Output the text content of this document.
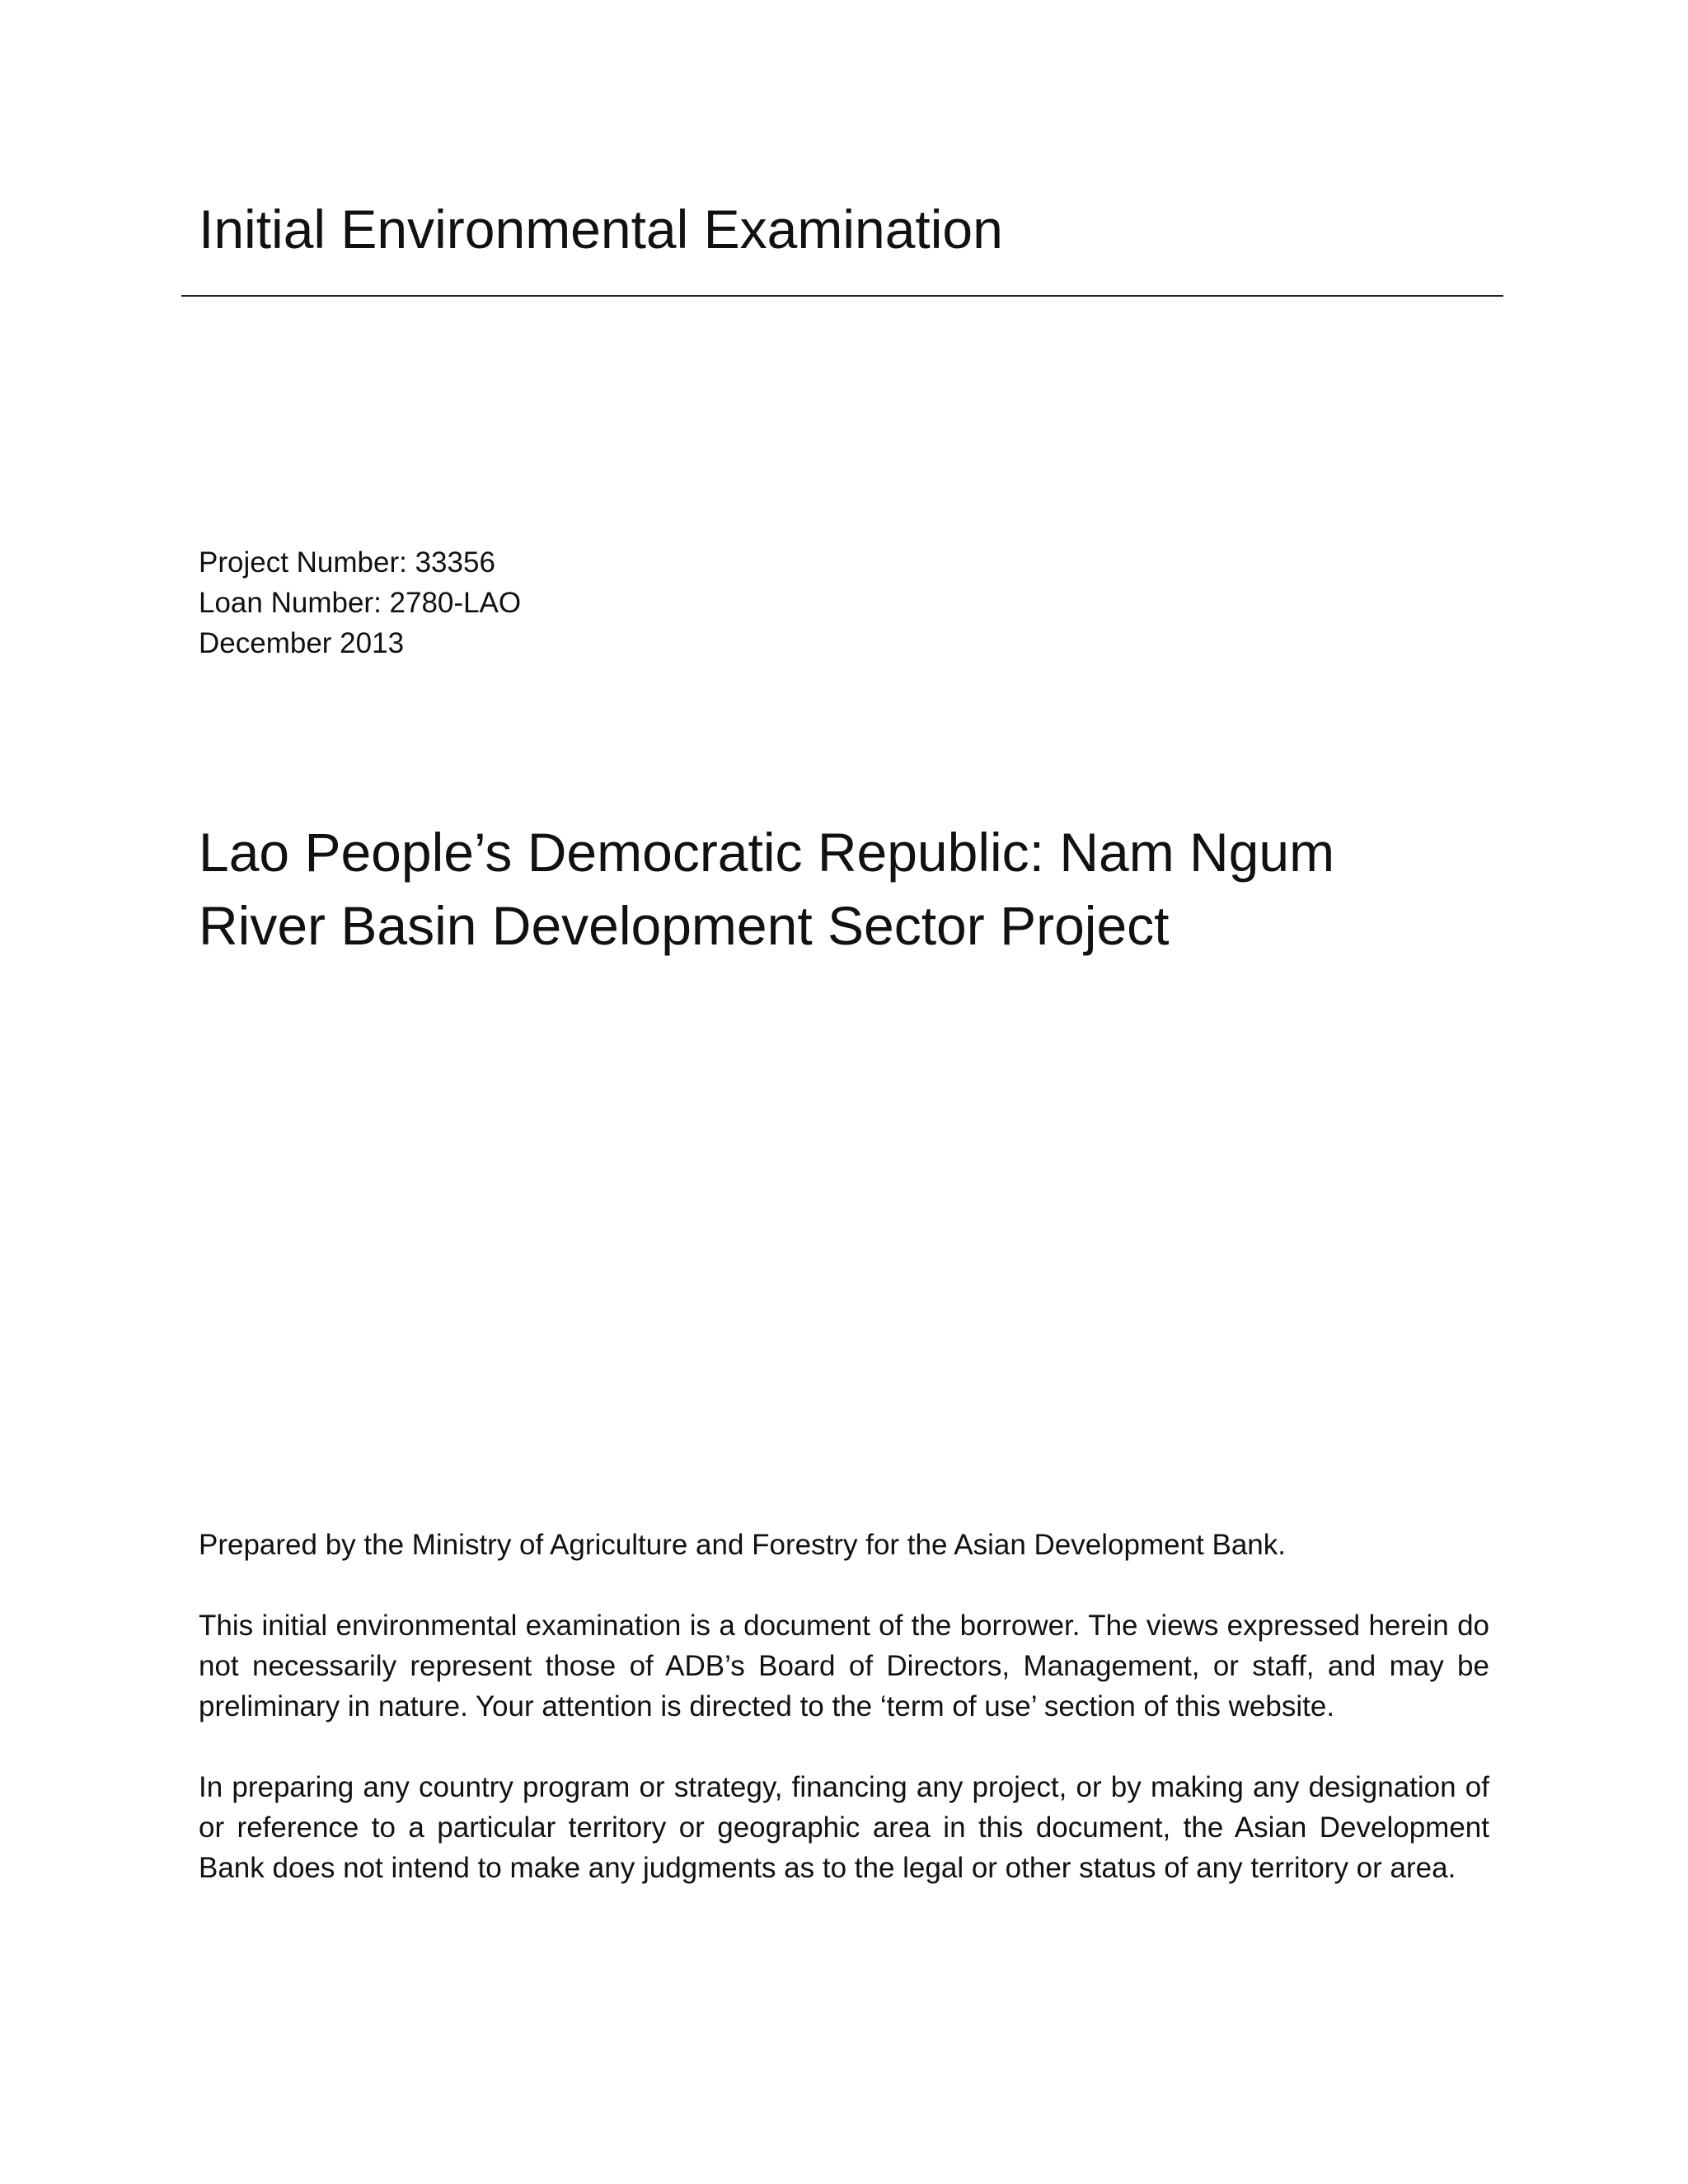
Initial Environmental Examination
Project Number: 33356
Loan Number: 2780-LAO
December 2013
Lao People’s Democratic Republic: Nam Ngum
River Basin Development Sector Project

Prepared by the Ministry of Agriculture and Forestry for the Asian Development Bank.

This initial environmental examination is a document of the borrower. The views expressed herein do not necessarily represent those of ADB’s Board of Directors, Management, or staff, and may be preliminary in nature. Your attention is directed to the ‘term of use’ section of this website.

In preparing any country program or strategy, financing any project, or by making any designation of or reference to a particular territory or geographic area in this document, the Asian Development Bank does not intend to make any judgments as to the legal or other status of any territory or area.
